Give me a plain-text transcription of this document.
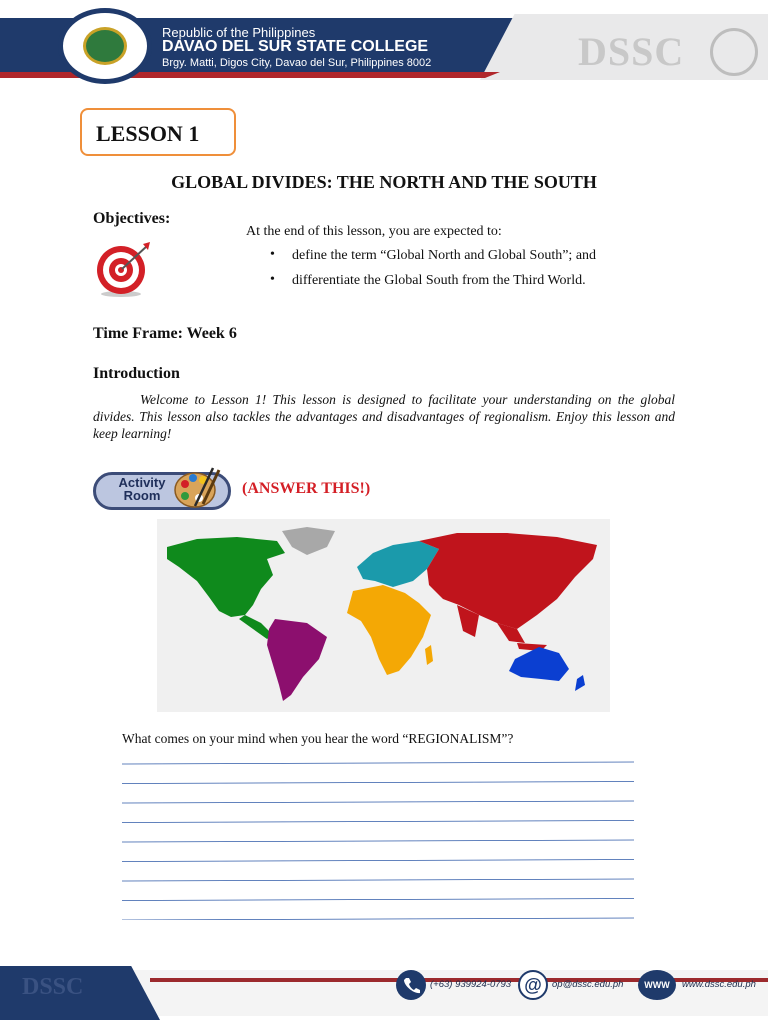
Republic of the Philippines
DAVAO DEL SUR STATE COLLEGE
Brgy. Matti, Digos City, Davao del Sur, Philippines 8002	DSSC
LESSON 1
GLOBAL DIVIDES: THE NORTH AND THE SOUTH
Objectives:
At the end of this lesson, you are expected to:
• define the term “Global North and Global South”; and
• differentiate the Global South from the Third World.
Time Frame: Week 6
Introduction

Welcome to Lesson 1! This lesson is designed to facilitate your understanding on the global divides. This lesson also tackles the advantages and disadvantages of regionalism. Enjoy this lesson and keep learning!

Activity
Room	(ANSWER THIS!)
What comes on your mind when you hear the word “REGIONALISM”?
DSSC	(+63) 939924-0793 @	op@dssc.edu.ph	WWW	www.dssc.edu.ph
